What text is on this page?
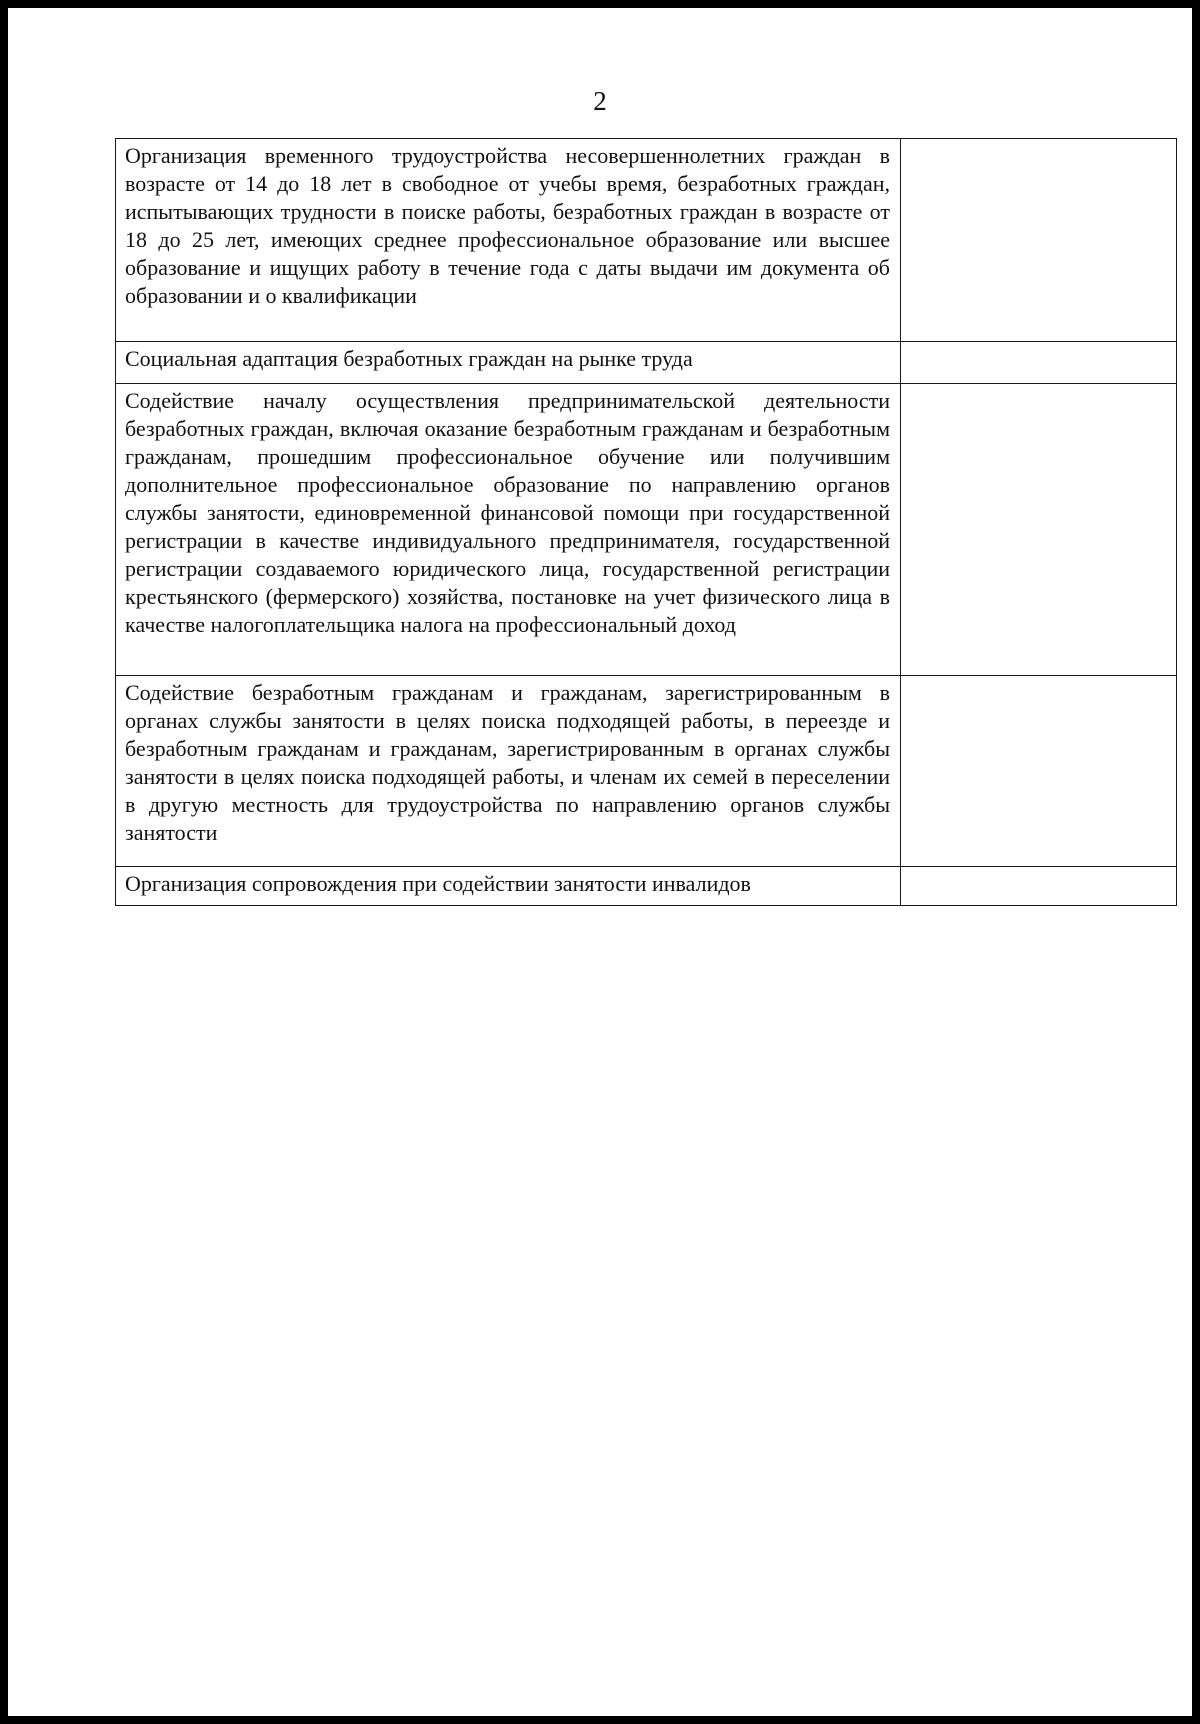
2
Организация временного трудоустройства несовершеннолетних граждан в возрасте от 14 до 18 лет в свободное от учебы время, безработных граждан, испытывающих трудности в поиске работы, безработных граждан в возрасте от 18 до 25 лет, имеющих среднее профессиональное образование или высшее образование и ищущих работу в течение года с даты выдачи им документа об образовании и о квалификации	
Социальная адаптация безработных граждан на рынке труда	
Содействие началу осуществления предпринимательской деятельности безработных граждан, включая оказание безработным гражданам и безработным гражданам, прошедшим профессиональное обучение или получившим дополнительное профессиональное образование по направлению органов службы занятости, единовременной финансовой помощи при государственной регистрации в качестве индивидуального предпринимателя, государственной регистрации создаваемого юридического лица, государственной регистрации крестьянского (фермерского) хозяйства, постановке на учет физического лица в качестве налогоплательщика налога на профессиональный доход	
Содействие безработным гражданам и гражданам, зарегистрированным в органах службы занятости в целях поиска подходящей работы, в переезде и безработным гражданам и гражданам, зарегистрированным в органах службы занятости в целях поиска подходящей работы, и членам их семей в переселении в другую местность для трудоустройства по направлению органов службы занятости	
Организация сопровождения при содействии занятости инвалидов	
